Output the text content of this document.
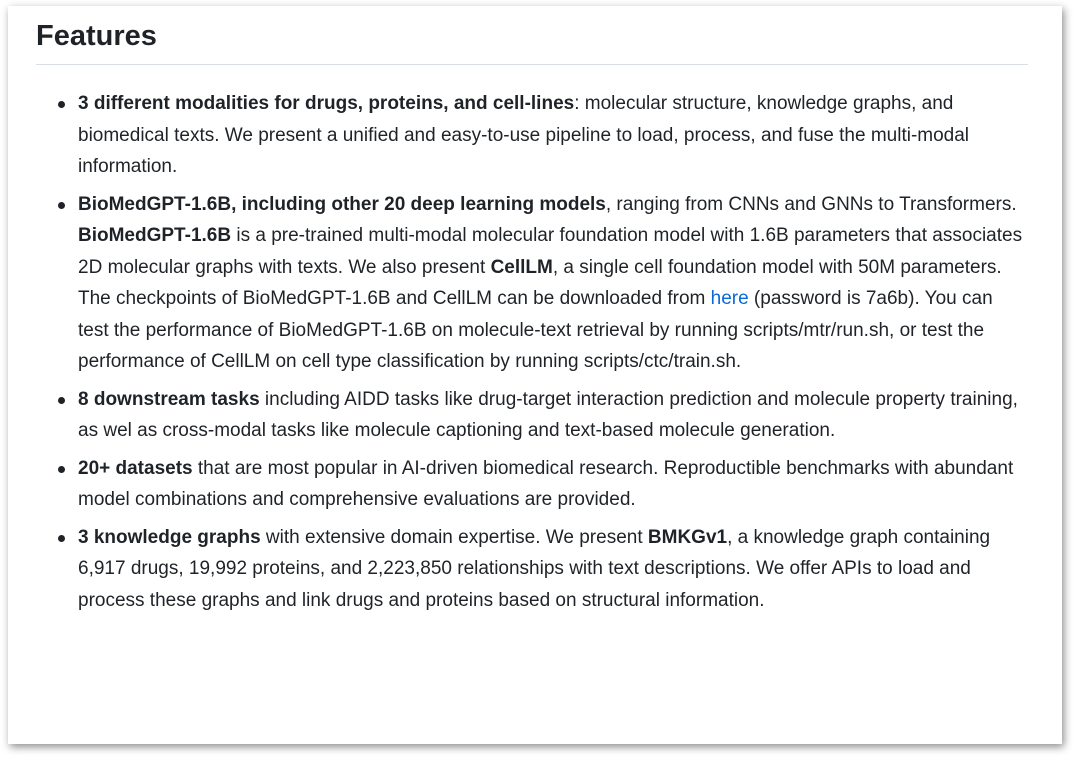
Features
3 different modalities for drugs, proteins, and cell-lines: molecular structure, knowledge graphs, and biomedical texts. We present a unified and easy-to-use pipeline to load, process, and fuse the multi-modal information.
BioMedGPT-1.6B, including other 20 deep learning models, ranging from CNNs and GNNs to Transformers. BioMedGPT-1.6B is a pre-trained multi-modal molecular foundation model with 1.6B parameters that associates 2D molecular graphs with texts. We also present CellLM, a single cell foundation model with 50M parameters.
The checkpoints of BioMedGPT-1.6B and CellLM can be downloaded from here (password is 7a6b). You can test the performance of BioMedGPT-1.6B on molecule-text retrieval by running scripts/mtr/run.sh, or test the performance of CellLM on cell type classification by running scripts/ctc/train.sh.
8 downstream tasks including AIDD tasks like drug-target interaction prediction and molecule property training, as wel as cross-modal tasks like molecule captioning and text-based molecule generation.
20+ datasets that are most popular in AI-driven biomedical research. Reproductible benchmarks with abundant model combinations and comprehensive evaluations are provided.
3 knowledge graphs with extensive domain expertise. We present BMKGv1, a knowledge graph containing 6,917 drugs, 19,992 proteins, and 2,223,850 relationships with text descriptions. We offer APIs to load and process these graphs and link drugs and proteins based on structural information.
